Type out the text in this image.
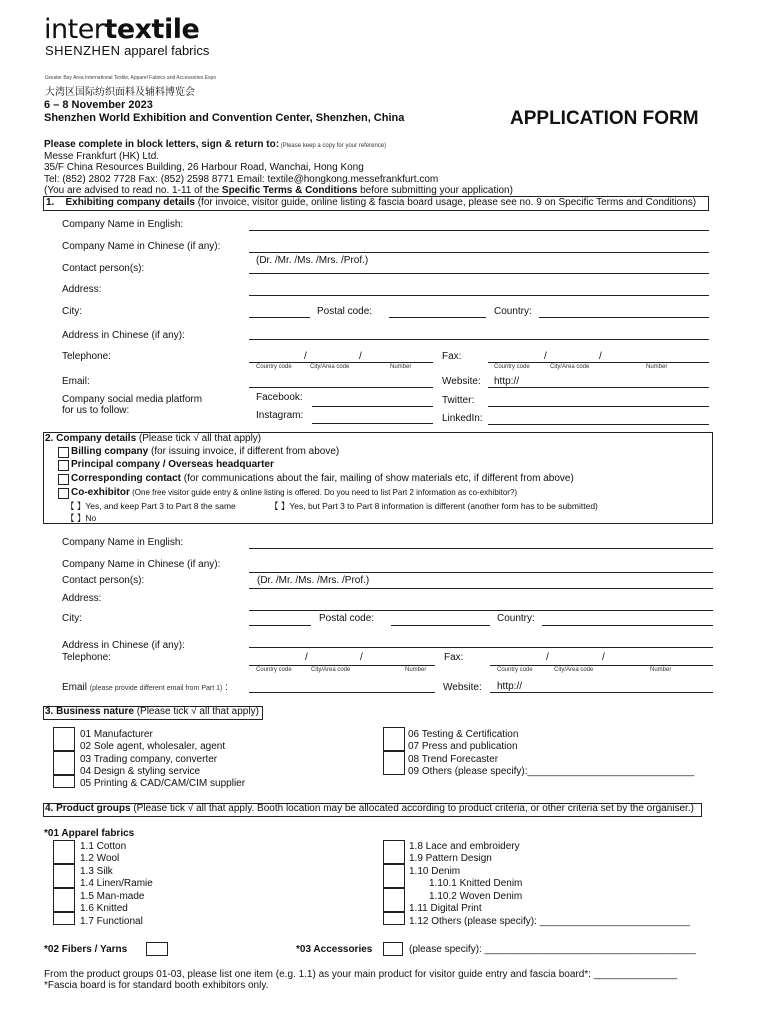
intertextile
SHENZHEN apparel fabrics
Greater Bay Area International Textile, Apparel Fabrics and Accessories Expo
大湾区国际纺织面料及辅料博览会
6 – 8 November 2023
Shenzhen World Exhibition and Convention Center, Shenzhen, China	APPLICATION FORM
Please complete in block letters, sign & return to: (Please keep a copy for your reference)
Messe Frankfurt (HK) Ltd.
35/F China Resources Building, 26 Harbour Road, Wanchai, Hong Kong
Tel: (852) 2802 7728 Fax: (852) 2598 8771 Email: textile@hongkong.messefrankfurt.com
(You are advised to read no. 1-11 of the Specific Terms & Conditions before submitting your application)
1. Exhibiting company details (for invoice, visitor guide, online listing & fascia board usage, please see no. 9 on Specific Terms and Conditions)
Company Name in English:
Company Name in Chinese (if any):
Contact person(s):
(Dr. /Mr. /Ms. /Mrs. /Prof.)
Address:
City:	Postal code:	Country:
Address in Chinese (if any):
Telephone:	/	/
Country code	City/Area code	Number
Fax:	/	/
Country code	City/Area code	Number
Email:	Website: http://
Company social media platform
for us to follow:
Facebook:	Twitter:
Instagram:	LinkedIn:
2. Company details (Please tick √ all that apply)
Billing company (for issuing invoice, if different from above)
Principal company / Overseas headquarter
Corresponding contact (for communications about the fair, mailing of show materials etc, if different from above)
Co-exhibitor (One free visitor guide entry & online listing is offered. Do you need to list Part 2 information as co-exhibitor?)
【 】Yes, and keep Part 3 to Part 8 the same	【 】Yes, but Part 3 to Part 8 information is different (another form has to be submitted)
【 】No
Company Name in English:
Company Name in Chinese (if any):
Contact person(s):	(Dr. /Mr. /Ms. /Mrs. /Prof.)
Address:
City:	Postal code:	Country:
Address in Chinese (if any):
Telephone:	/	/
Country code	City/Area code	Number
Fax:	/	/
Country code	City/Area code	Number
Email (please provide different email from Part 1) :	Website: http://
3. Business nature (Please tick √ all that apply)
01 Manufacturer
02 Sole agent, wholesaler, agent
03 Trading company, converter
04 Design & styling service
05 Printing & CAD/CAM/CIM supplier
06 Testing & Certification
07 Press and publication
08 Trend Forecaster
09 Others (please specify):______________________________
4. Product groups (Please tick √ all that apply. Booth location may be allocated according to product criteria, or other criteria set by the organiser.)
*01 Apparel fabrics
1.1 Cotton
1.2 Wool
1.3 Silk
1.4 Linen/Ramie
1.5 Man-made
1.6 Knitted
1.7 Functional
1.8 Lace and embroidery
1.9 Pattern Design
1.10 Denim
1.10.1 Knitted Denim
1.10.2 Woven Denim
1.11 Digital Print
1.12 Others (please specify): ___________________________
*02 Fibers / Yarns	*03 Accessories	(please specify): ______________________________________
From the product groups 01-03, please list one item (e.g. 1.1) as your main product for visitor guide entry and fascia board*: _______________
*Fascia board is for standard booth exhibitors only.
